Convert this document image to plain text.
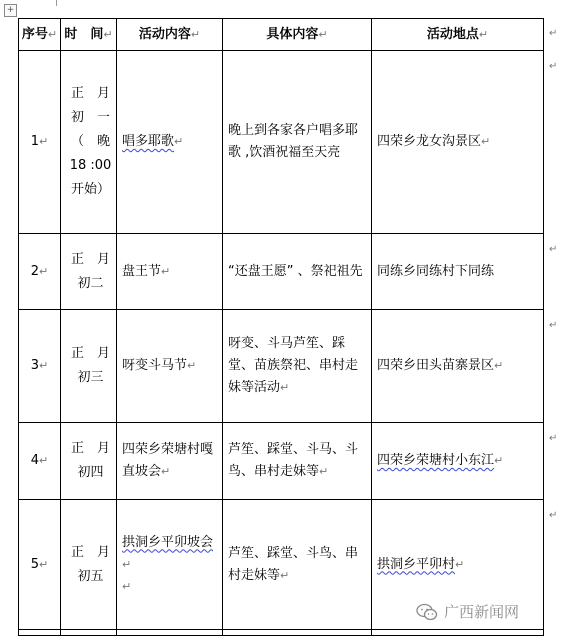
+
序号↵	时　间↵	活动内容↵	具体内容↵	活动地点↵
1↵	正　月
初　一
（　晚
18 :00
开始）	唱多耶歌↵	晚上到各家各户唱多耶歌 ,饮酒祝福至天亮	四荣乡龙女沟景区↵
2↵	正　月
初二	盘王节↵	“还盘王愿” 、祭祀祖先	同练乡同练村下同练
3↵	正　月
初三	呀变斗马节↵	呀变、斗马芦笙、踩堂、苗族祭祀、串村走妹等活动↵	四荣乡田头苗寨景区↵
4↵	正　月
初四	四荣乡荣塘村嘎直坡会↵	芦笙、踩堂、斗马、斗鸟、串村走妹等↵	四荣乡荣塘村小东江↵
5↵	正　月
初五	拱洞乡平卯坡会↵
↵	芦笙、踩堂、斗鸟、串村走妹等↵	拱洞乡平卯村↵

↵
↵
↵
↵
↵
↵
广西新闻网
